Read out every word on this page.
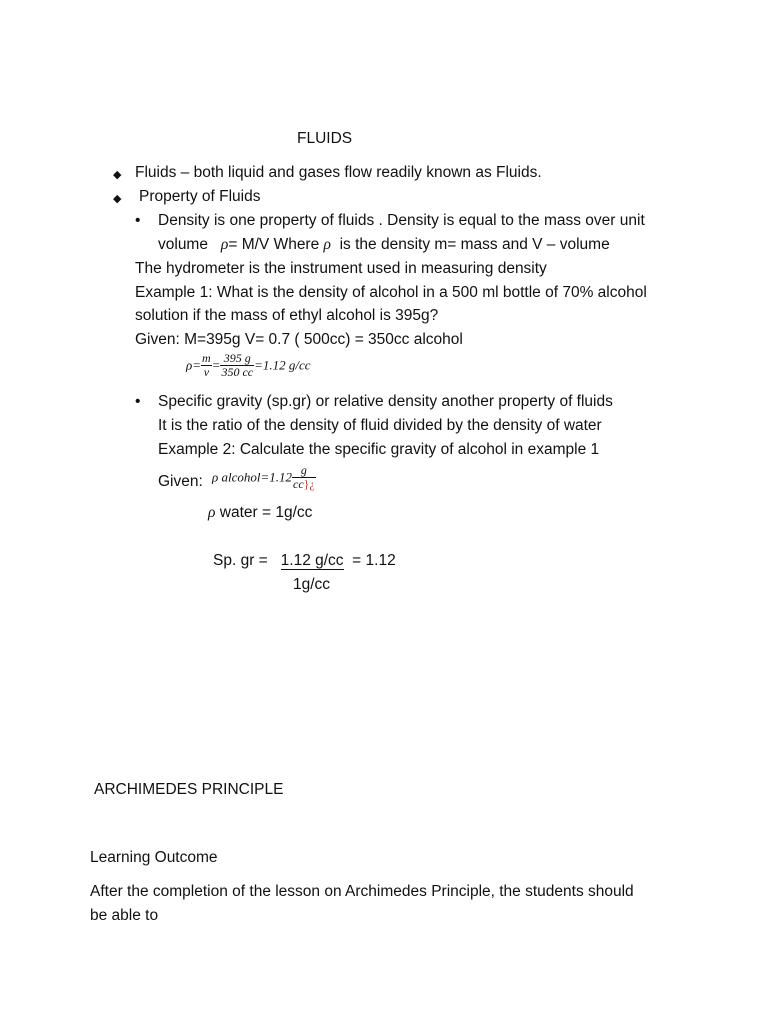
FLUIDS
◆ Fluids – both liquid and gases flow readily known as Fluids.
◆ Property of Fluids
• Density is one property of fluids . Density is equal to the mass over unit
volume ρ= M/V Where ρ is the density m= mass and V – volume
The hydrometer is the instrument used in measuring density
Example 1: What is the density of alcohol in a 500 ml bottle of 70% alcohol
solution if the mass of ethyl alcohol is 395g?
Given: M=395g V= 0.7 ( 500cc) = 350cc alcohol
$\rho= \frac{m}{v} = \frac{395 g}{350 cc} =1.12$ g/cc
• Specific gravity (sp.gr) or relative density another property of fluids
It is the ratio of the density of fluid divided by the density of water
Example 2: Calculate the specific gravity of alcohol in example 1
Given: ρ alcohol=1.12 $\frac{g}{cc\}¿}$
ρ water = 1g/cc
Sp. gr = 1.12 g/cc = 1.12
1g/cc
ARCHIMEDES PRINCIPLE
Learning Outcome
After the completion of the lesson on Archimedes Principle, the students should
be able to
